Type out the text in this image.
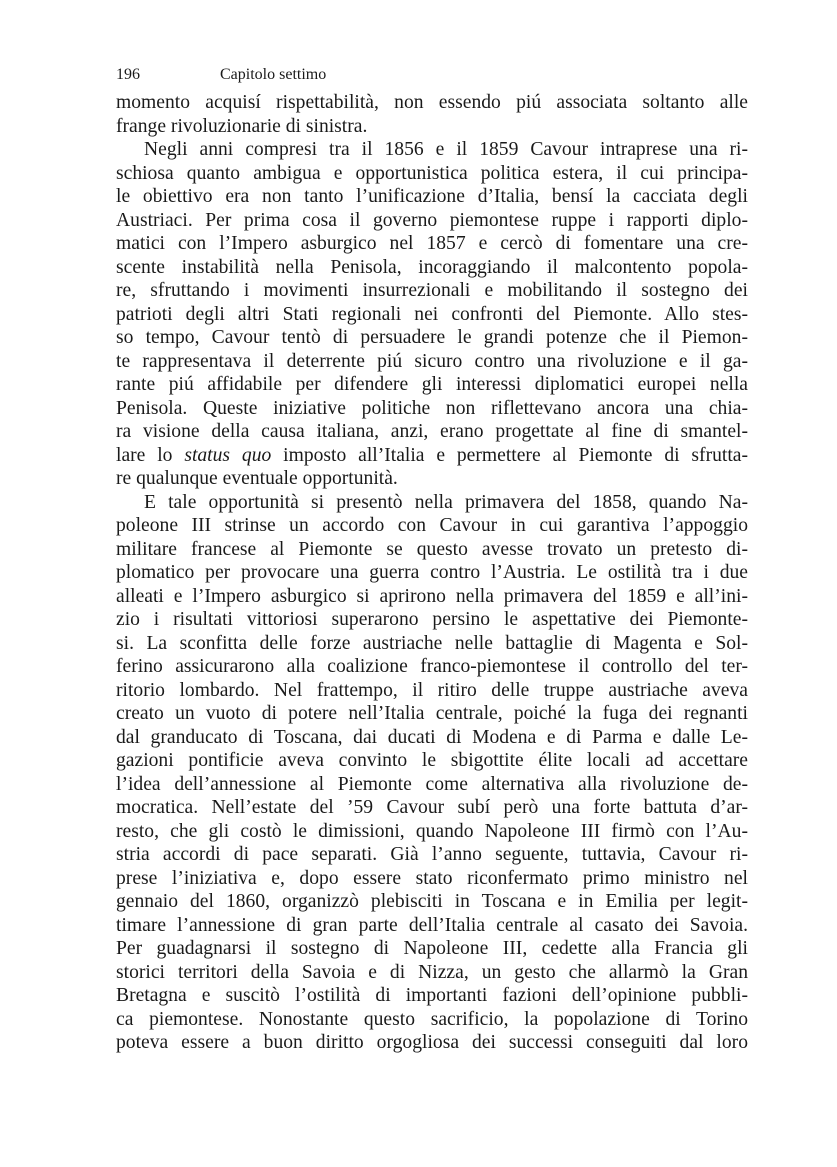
196	Capitolo settimo
momento acquisí rispettabilità, non essendo piú associata soltanto alle
frange rivoluzionarie di sinistra.
Negli anni compresi tra il 1856 e il 1859 Cavour intraprese una ri-
schiosa quanto ambigua e opportunistica politica estera, il cui principa-
le obiettivo era non tanto l’unificazione d’Italia, bensí la cacciata degli
Austriaci. Per prima cosa il governo piemontese ruppe i rapporti diplo-
matici con l’Impero asburgico nel 1857 e cercò di fomentare una cre-
scente instabilità nella Penisola, incoraggiando il malcontento popola-
re, sfruttando i movimenti insurrezionali e mobilitando il sostegno dei
patrioti degli altri Stati regionali nei confronti del Piemonte. Allo stes-
so tempo, Cavour tentò di persuadere le grandi potenze che il Piemon-
te rappresentava il deterrente piú sicuro contro una rivoluzione e il ga-
rante piú affidabile per difendere gli interessi diplomatici europei nella
Penisola. Queste iniziative politiche non riflettevano ancora una chia-
ra visione della causa italiana, anzi, erano progettate al fine di smantel-
lare lo status quo imposto all’Italia e permettere al Piemonte di sfrutta-
re qualunque eventuale opportunità.
E tale opportunità si presentò nella primavera del 1858, quando Na-
poleone III strinse un accordo con Cavour in cui garantiva l’appoggio
militare francese al Piemonte se questo avesse trovato un pretesto di-
plomatico per provocare una guerra contro l’Austria. Le ostilità tra i due
alleati e l’Impero asburgico si aprirono nella primavera del 1859 e all’ini-
zio i risultati vittoriosi superarono persino le aspettative dei Piemonte-
si. La sconfitta delle forze austriache nelle battaglie di Magenta e Sol-
ferino assicurarono alla coalizione franco-piemontese il controllo del ter-
ritorio lombardo. Nel frattempo, il ritiro delle truppe austriache aveva
creato un vuoto di potere nell’Italia centrale, poiché la fuga dei regnanti
dal granducato di Toscana, dai ducati di Modena e di Parma e dalle Le-
gazioni pontificie aveva convinto le sbigottite élite locali ad accettare
l’idea dell’annessione al Piemonte come alternativa alla rivoluzione de-
mocratica. Nell’estate del ’59 Cavour subí però una forte battuta d’ar-
resto, che gli costò le dimissioni, quando Napoleone III firmò con l’Au-
stria accordi di pace separati. Già l’anno seguente, tuttavia, Cavour ri-
prese l’iniziativa e, dopo essere stato riconfermato primo ministro nel
gennaio del 1860, organizzò plebisciti in Toscana e in Emilia per legit-
timare l’annessione di gran parte dell’Italia centrale al casato dei Savoia.
Per guadagnarsi il sostegno di Napoleone III, cedette alla Francia gli
storici territori della Savoia e di Nizza, un gesto che allarmò la Gran
Bretagna e suscitò l’ostilità di importanti fazioni dell’opinione pubbli-
ca piemontese. Nonostante questo sacrificio, la popolazione di Torino
poteva essere a buon diritto orgogliosa dei successi conseguiti dal loro
